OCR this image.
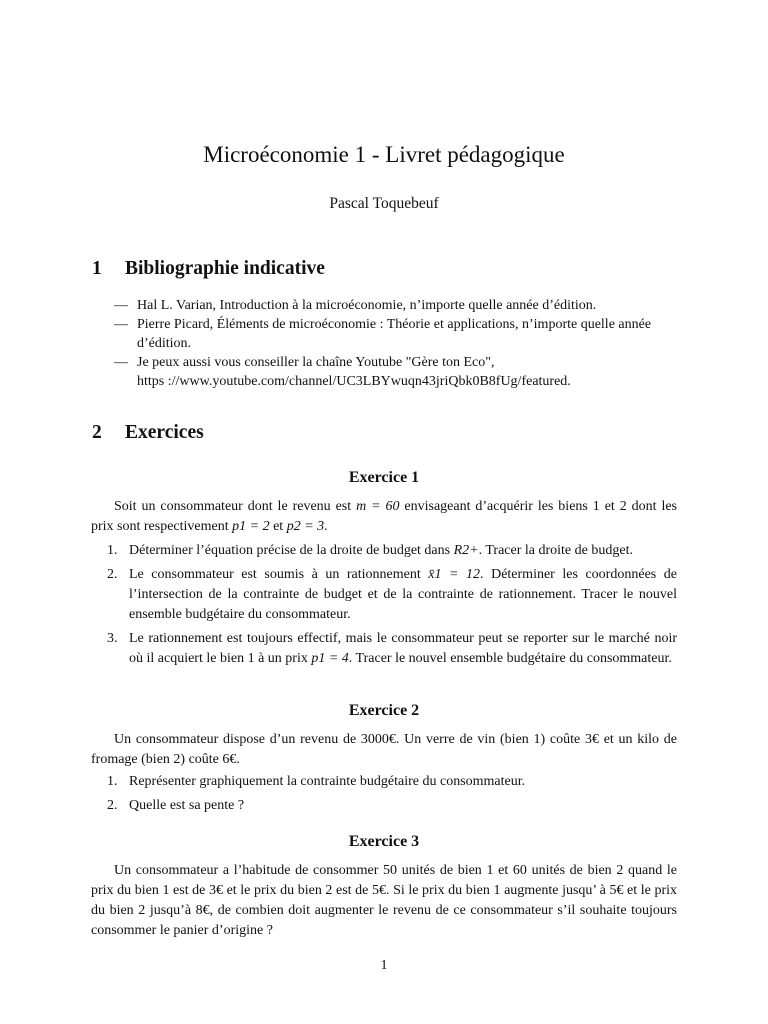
Microéconomie 1 - Livret pédagogique
Pascal Toquebeuf
1 Bibliographie indicative
— Hal L. Varian, Introduction à la microéconomie, n’importe quelle année d’édition.
— Pierre Picard, Éléments de microéconomie : Théorie et applications, n’importe quelle année d’édition.
— Je peux aussi vous conseiller la chaîne Youtube "Gère ton Eco",
https ://www.youtube.com/channel/UC3LBYwuqn43jriQbk0B8fUg/featured.
2 Exercices
Exercice 1

Soit un consommateur dont le revenu est m = 60 envisageant d’acquérir les biens 1 et 2 dont les prix sont respectivement p1 = 2 et p2 = 3.

1. Déterminer l’équation précise de la droite de budget dans R2+. Tracer la droite de budget.
2. Le consommateur est soumis à un rationnement x̄1 = 12. Déterminer les coordonnées de l’intersection de la contrainte de budget et de la contrainte de rationnement. Tracer le nouvel ensemble budgétaire du consommateur.
3. Le rationnement est toujours effectif, mais le consommateur peut se reporter sur le marché noir où il acquiert le bien 1 à un prix p1 = 4. Tracer le nouvel ensemble budgétaire du consommateur.
Exercice 2

Un consommateur dispose d’un revenu de 3000€. Un verre de vin (bien 1) coûte 3€ et un kilo de fromage (bien 2) coûte 6€.

1. Représenter graphiquement la contrainte budgétaire du consommateur.
2. Quelle est sa pente ?
Exercice 3

Un consommateur a l’habitude de consommer 50 unités de bien 1 et 60 unités de bien 2 quand le prix du bien 1 est de 3€ et le prix du bien 2 est de 5€. Si le prix du bien 1 augmente jusqu’ à 5€ et le prix du bien 2 jusqu’à 8€, de combien doit augmenter le revenu de ce consommateur s’il souhaite toujours consommer le panier d’origine ?

1
